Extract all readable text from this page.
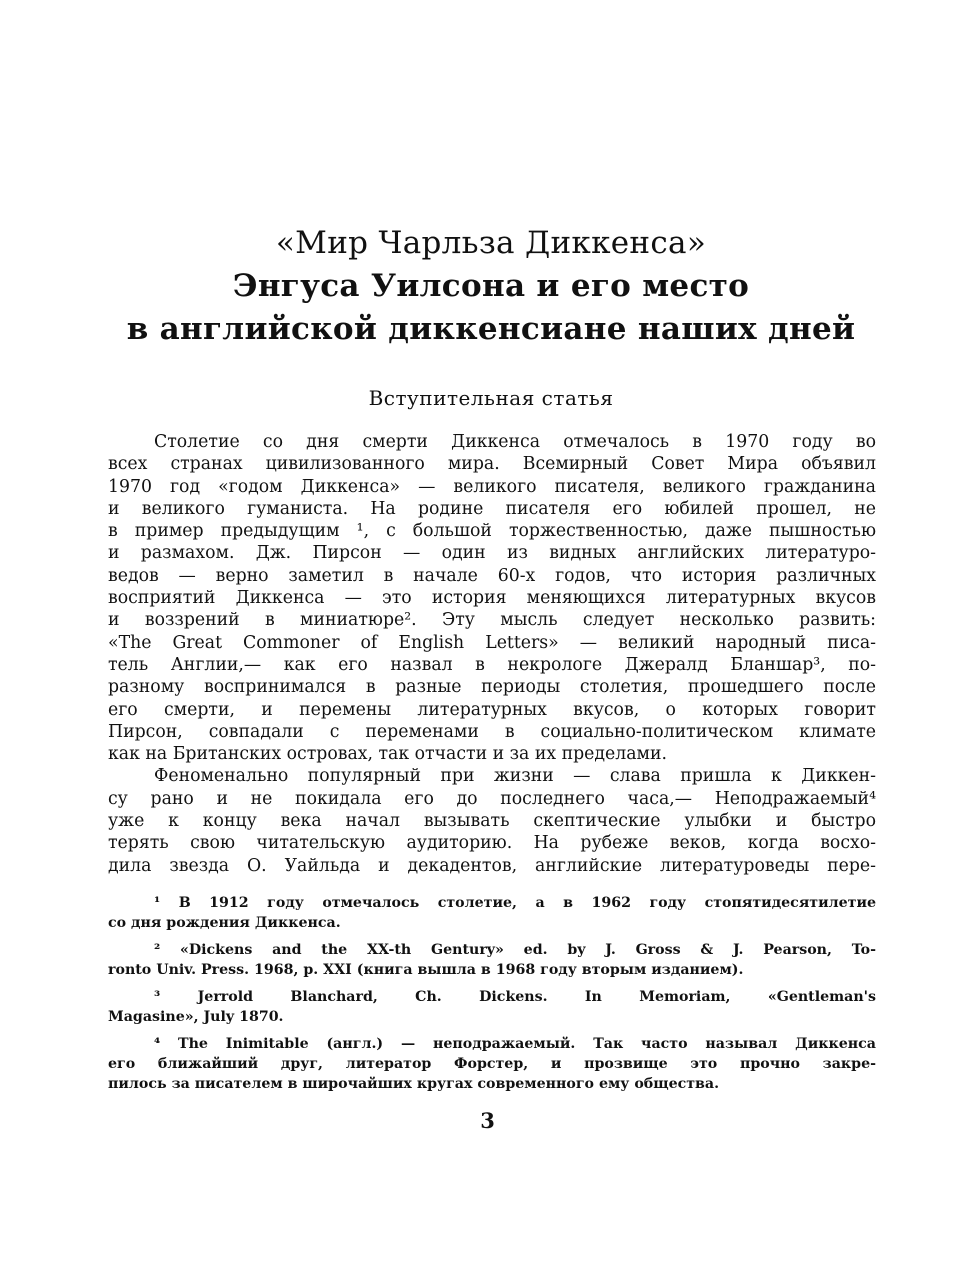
«Мир Чарльза Диккенса»
Энгуса Уилсона и его место
в английской диккенсиане наших дней
Вступительная статья
Столетие со дня смерти Диккенса отмечалось в 1970 году во
всех странах цивилизованного мира. Всемирный Совет Мира объявил
1970 год «годом Диккенса» — великого писателя, великого гражданина
и великого гуманиста. На родине писателя его юбилей прошел, не
в пример предыдущим ¹, с большой торжественностью, даже пышностью
и размахом. Дж. Пирсон — один из видных английских литературо-
ведов — верно заметил в начале 60-х годов, что история различных
восприятий Диккенса — это история меняющихся литературных вкусов
и воззрений в миниатюре². Эту мысль следует несколько развить:
«The Great Commoner of English Letters» — великий народный писа-
тель Англии,— как его назвал в некрологе Джералд Бланшар³, по-
разному воспринимался в разные периоды столетия, прошедшего после
его смерти, и перемены литературных вкусов, о которых говорит
Пирсон, совпадали с переменами в социально-политическом климате
как на Британских островах, так отчасти и за их пределами.
Феноменально популярный при жизни — слава пришла к Диккен-
су рано и не покидала его до последнего часа,— Неподражаемый⁴
уже к концу века начал вызывать скептические улыбки и быстро
терять свою читательскую аудиторию. На рубеже веков, когда восхо-
дила звезда О. Уайльда и декадентов, английские литературоведы пере-
¹ В 1912 году отмечалось столетие, а в 1962 году стопятидесятилетие
со дня рождения Диккенса.
² «Dickens and the XX-th Gentury» ed. by J. Gross & J. Pearson, To-
ronto Univ. Press. 1968, p. XXI (книга вышла в 1968 году вторым изданием).
³ Jerrold Blanchard, Ch. Dickens. In Memoriam, «Gentleman's
Magasine», July 1870.
⁴ The Inimitable (англ.) — неподражаемый. Так часто называл Диккенса
его ближайший друг, литератор Форстер, и прозвище это прочно закре-
пилось за писателем в широчайших кругах современного ему общества.
3
